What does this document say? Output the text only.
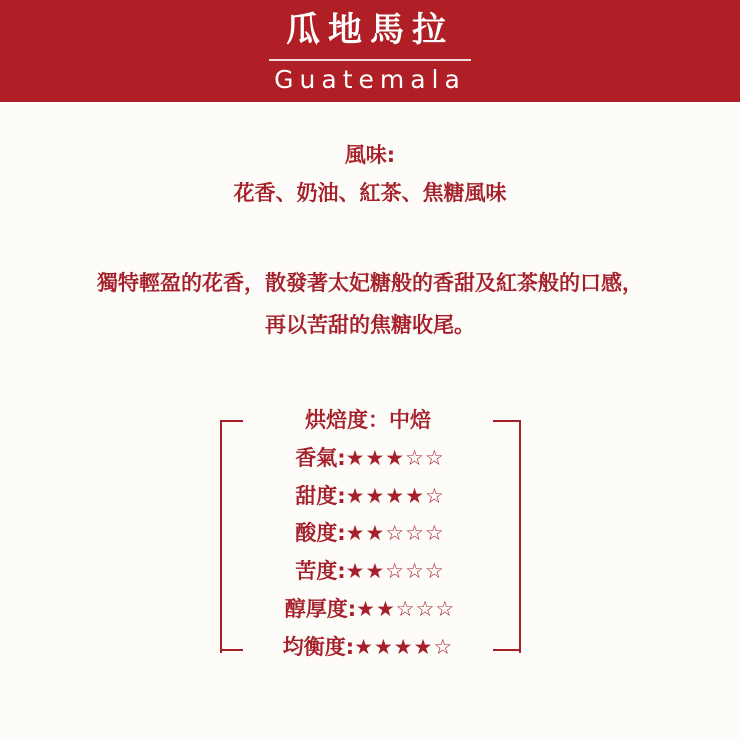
瓜地馬拉
Guatemala
風味:
花香、奶油、紅茶、焦糖風味
獨特輕盈的花香，散發著太妃糖般的香甜及紅茶般的口感，
再以苦甜的焦糖收尾。
烘焙度：中焙
香氣:★★★☆☆
甜度:★★★★☆
酸度:★★☆☆☆
苦度:★★☆☆☆
醇厚度:★★☆☆☆
均衡度:★★★★☆
